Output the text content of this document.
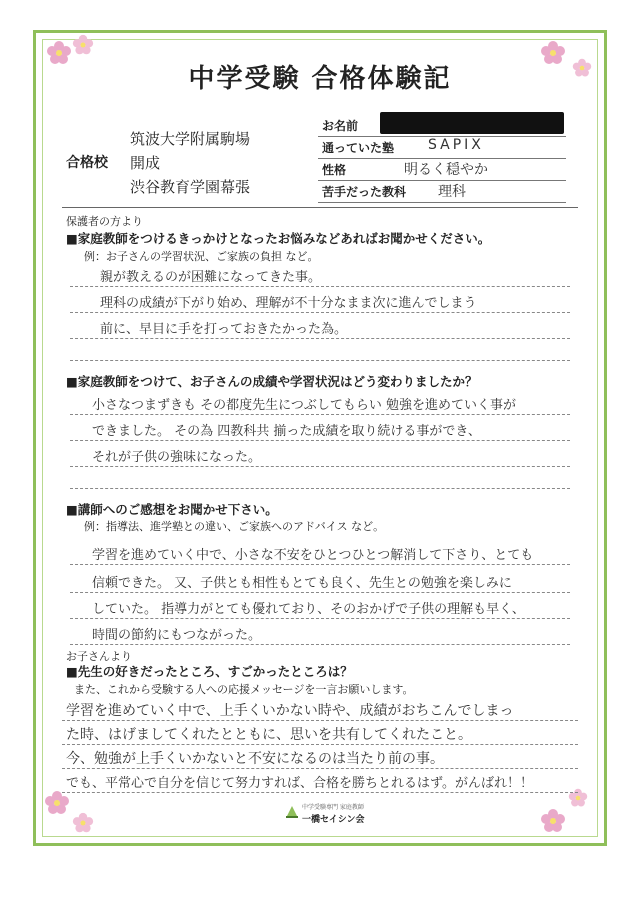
中学受験 合格体験記
合格校
筑波大学附属駒場
開成
渋谷教育学園幕張
お名前
通っていた塾 SAPIX
性格	明るく穏やか
苦手だった教科 理科
保護者の方より
■家庭教師をつけるきっかけとなったお悩みなどあればお聞かせください。
例：お子さんの学習状況、ご家族の負担 など。
親が教えるのが困難になってきた事。
理科の成績が下がり始め、理解が不十分なまま次に進んでしまう
前に、早目に手を打っておきたかった為。
■家庭教師をつけて、お子さんの成績や学習状況はどう変わりましたか？
小さなつまずきも その都度先生につぶしてもらい 勉強を進めていく事が
できました。 その為 四教科共 揃った成績を取り続ける事ができ、
それが子供の強味になった。
■講師へのご感想をお聞かせ下さい。
例：指導法、進学塾との違い、ご家族へのアドバイス など。
学習を進めていく中で、小さな不安をひとつひとつ解消して下さり、とても
信頼できた。 又、子供とも相性もとても良く、先生との勉強を楽しみに
していた。 指導力がとても優れており、そのおかげで子供の理解も早く、
時間の節約にもつながった。
お子さんより
■先生の好きだったところ、すごかったところは？
また、これから受験する人への応援メッセージを一言お願いします。
学習を進めていく中で、上手くいかない時や、成績がおちこんでしまっ
た時、はげましてくれたとともに、思いを共有してくれたこと。
今、勉強が上手くいかないと不安になるのは当たり前の事。
でも、平常心で自分を信じて努力すれば、合格を勝ちとれるはず。がんばれ！！
中学受験専門 家庭教師
一橋セイシン会
